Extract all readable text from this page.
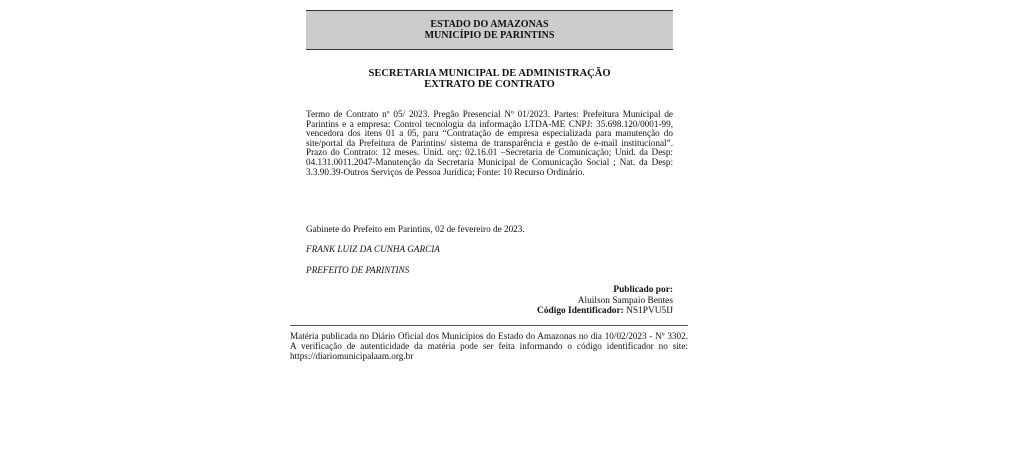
ESTADO DO AMAZONAS
MUNICÍPIO DE PARINTINS
SECRETARIA MUNICIPAL DE ADMINISTRAÇÃO
EXTRATO DE CONTRATO

Termo de Contrato nº 05/ 2023. Pregão Presencial Nº 01/2023. Partes: Prefeitura Municipal de Parintins e a empresa: Control tecnologia da informação LTDA-ME CNPJ: 35.698.120/0001-99, vencedora dos itens 01 a 05, para “Contratação de empresa especializada para manutenção do site/portal da Prefeitura de Parintins/ sistema de transparência e gestão de e-mail institucional”. Prazo do Contrato: 12 meses. Unid. orç: 02.16.01 –Secretaria de Comunicação; Unid. da Desp: 04.131.0011.2047-Manutenção da Secretaria Municipal de Comunicação Social ; Nat. da Desp: 3.3.90.39-Outros Serviços de Pessoa Jurídica; Fonte: 10 Recurso Ordinário.

Gabinete do Prefeito em Parintins, 02 de fevereiro de 2023.
FRANK LUIZ DA CUNHA GARCIA
PREFEITO DE PARINTINS
Publicado por:
Aluilson Sampaio Bentes
Código Identificador: NS1PVU5IJ

Matéria publicada no Diário Oficial dos Municípios do Estado do Amazonas no dia 10/02/2023 - Nº 3302. A verificação de autenticidade da matéria pode ser feita informando o código identificador no site: https://diariomunicipalaam.org.br
